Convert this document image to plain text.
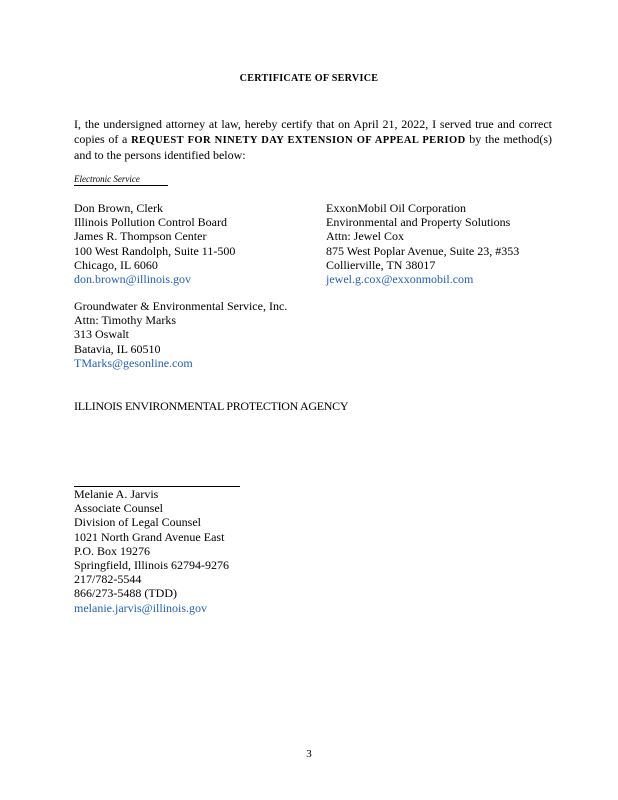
CERTIFICATE OF SERVICE
I, the undersigned attorney at law, hereby certify that on April 21, 2022, I served true and correct copies of a REQUEST FOR NINETY DAY EXTENSION OF APPEAL PERIOD by the method(s) and to the persons identified below:
Electronic Service
Don Brown, Clerk
Illinois Pollution Control Board
James R. Thompson Center
100 West Randolph, Suite 11-500
Chicago, IL 6060
don.brown@illinois.gov
ExxonMobil Oil Corporation
Environmental and Property Solutions
Attn: Jewel Cox
875 West Poplar Avenue, Suite 23, #353
Collierville, TN 38017
jewel.g.cox@exxonmobil.com
Groundwater & Environmental Service, Inc.
Attn: Timothy Marks
313 Oswalt
Batavia, IL 60510
TMarks@gesonline.com
ILLINOIS ENVIRONMENTAL PROTECTION AGENCY
Melanie A. Jarvis
Associate Counsel
Division of Legal Counsel
1021 North Grand Avenue East
P.O. Box 19276
Springfield, Illinois 62794-9276
217/782-5544
866/273-5488 (TDD)
melanie.jarvis@illinois.gov
3
